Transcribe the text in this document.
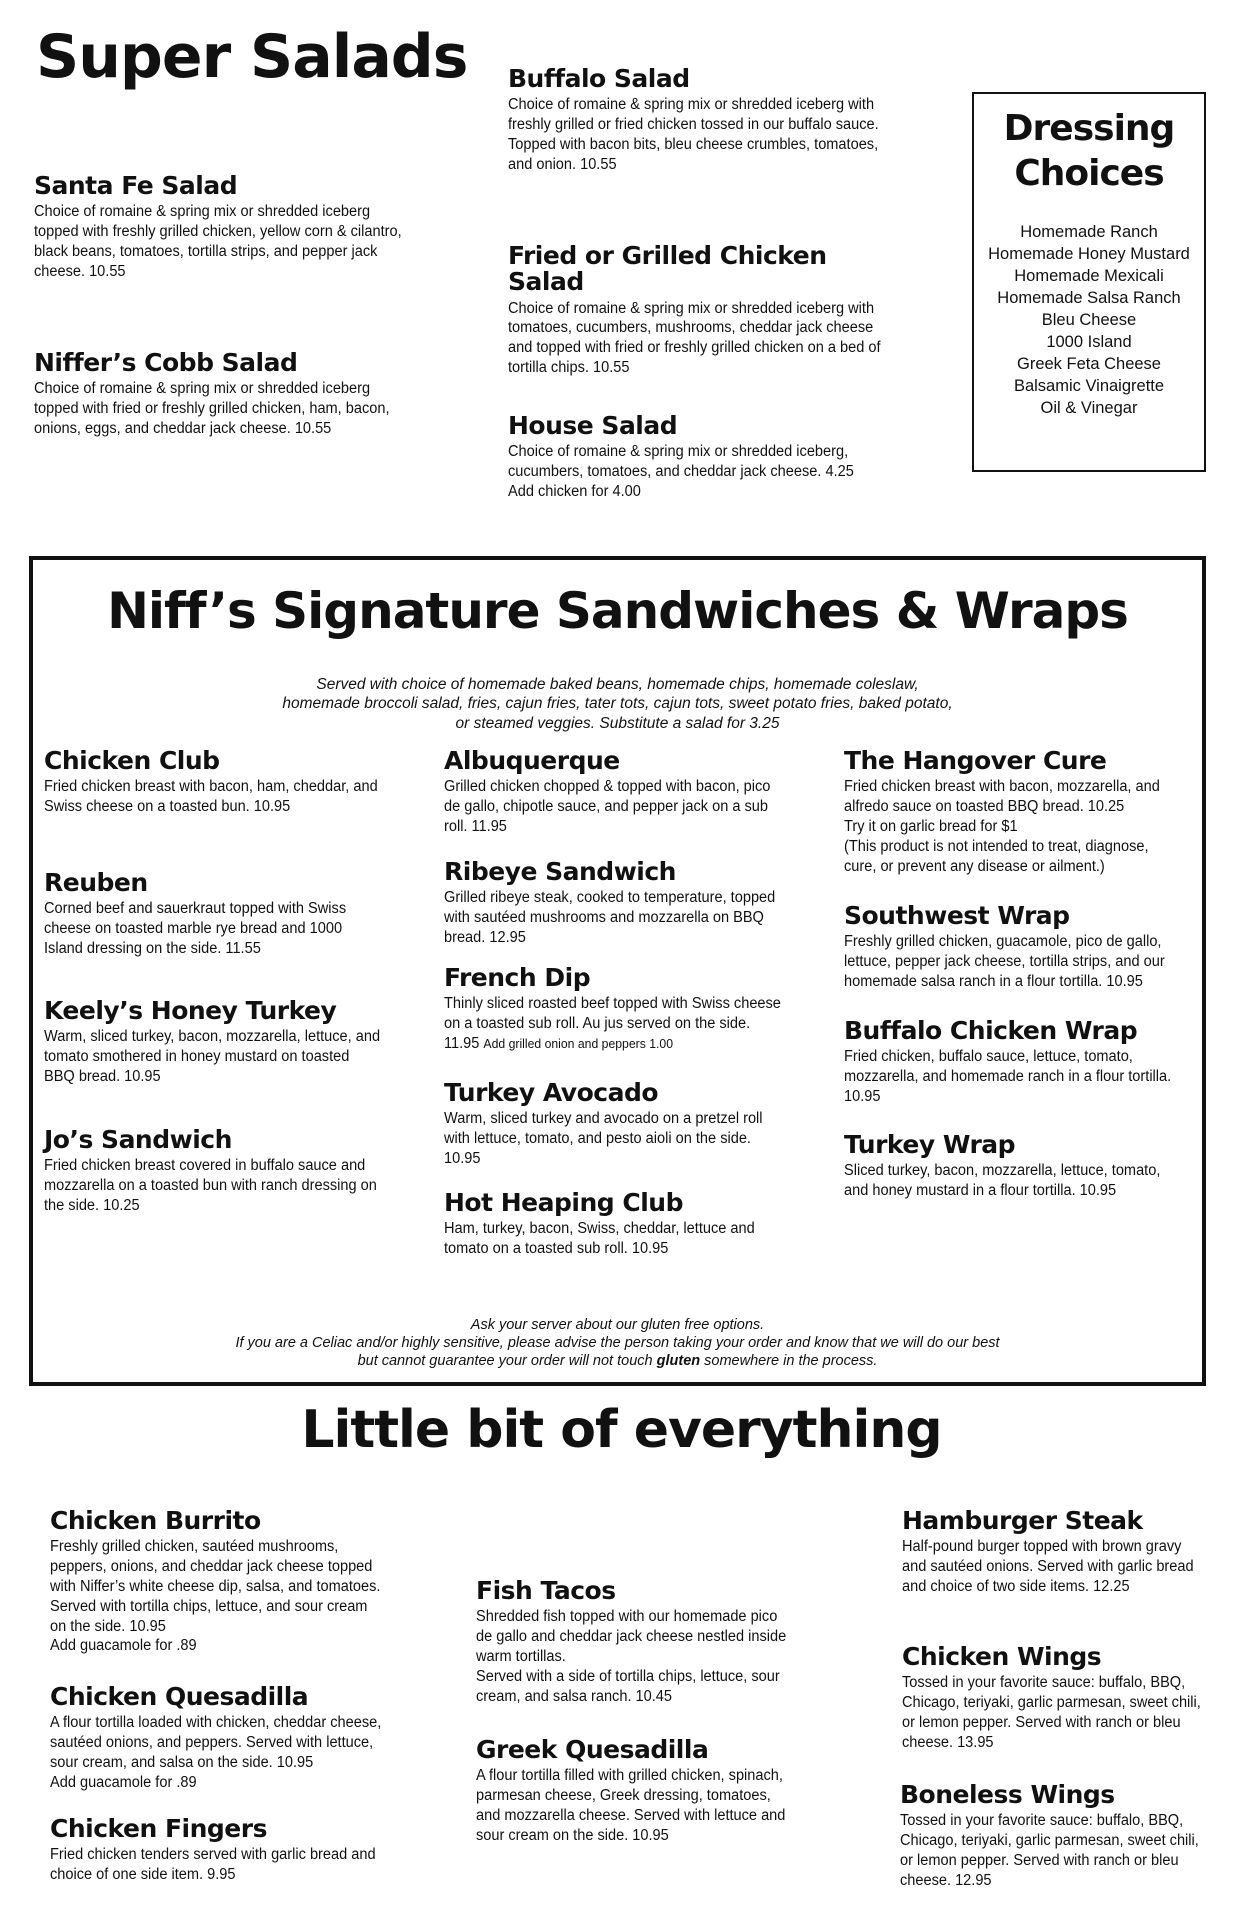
Super Salads
Santa Fe Salad

Choice of romaine & spring mix or shredded iceberg topped with freshly grilled chicken, yellow corn & cilantro, black beans, tomatoes, tortilla strips, and pepper jack cheese. 10.55

Niffer’s Cobb Salad

Choice of romaine & spring mix or shredded iceberg topped with fried or freshly grilled chicken, ham, bacon, onions, eggs, and cheddar jack cheese. 10.55

Buffalo Salad

Choice of romaine & spring mix or shredded iceberg with freshly grilled or fried chicken tossed in our buffalo sauce. Topped with bacon bits, bleu cheese crumbles, tomatoes, and onion. 10.55

Fried or Grilled Chicken Salad

Choice of romaine & spring mix or shredded iceberg with tomatoes, cucumbers, mushrooms, cheddar jack cheese and topped with fried or freshly grilled chicken on a bed of tortilla chips. 10.55

House Salad

Choice of romaine & spring mix or shredded iceberg, cucumbers, tomatoes, and cheddar jack cheese. 4.25

Add chicken for 4.00

Dressing
Choices
Homemade Ranch
Homemade Honey Mustard
Homemade Mexicali
Homemade Salsa Ranch
Bleu Cheese
1000 Island
Greek Feta Cheese
Balsamic Vinaigrette
Oil & Vinegar
Niff’s Signature Sandwiches & Wraps
Served with choice of homemade baked beans, homemade chips, homemade coleslaw,
homemade broccoli salad, fries, cajun fries, tater tots, cajun tots, sweet potato fries, baked potato,
or steamed veggies. Substitute a salad for 3.25
Chicken Club

Fried chicken breast with bacon, ham, cheddar, and Swiss cheese on a toasted bun. 10.95

Reuben

Corned beef and sauerkraut topped with Swiss cheese on toasted marble rye bread and 1000 Island dressing on the side. 11.55

Keely’s Honey Turkey

Warm, sliced turkey, bacon, mozzarella, lettuce, and tomato smothered in honey mustard on toasted BBQ bread. 10.95

Jo’s Sandwich

Fried chicken breast covered in buffalo sauce and mozzarella on a toasted bun with ranch dressing on the side. 10.25

Albuquerque

Grilled chicken chopped & topped with bacon, pico de gallo, chipotle sauce, and pepper jack on a sub roll. 11.95

Ribeye Sandwich

Grilled ribeye steak, cooked to temperature, topped with sautéed mushrooms and mozzarella on BBQ bread. 12.95

French Dip

Thinly sliced roasted beef topped with Swiss cheese on a toasted sub roll. Au jus served on the side. 11.95 Add grilled onion and peppers 1.00

Turkey Avocado

Warm, sliced turkey and avocado on a pretzel roll with lettuce, tomato, and pesto aioli on the side. 10.95

Hot Heaping Club

Ham, turkey, bacon, Swiss, cheddar, lettuce and tomato on a toasted sub roll. 10.95

The Hangover Cure

Fried chicken breast with bacon, mozzarella, and alfredo sauce on toasted BBQ bread. 10.25

Try it on garlic bread for $1

(This product is not intended to treat, diagnose, cure, or prevent any disease or ailment.)

Southwest Wrap

Freshly grilled chicken, guacamole, pico de gallo, lettuce, pepper jack cheese, tortilla strips, and our homemade salsa ranch in a flour tortilla. 10.95

Buffalo Chicken Wrap

Fried chicken, buffalo sauce, lettuce, tomato, mozzarella, and homemade ranch in a flour tortilla. 10.95

Turkey Wrap

Sliced turkey, bacon, mozzarella, lettuce, tomato, and honey mustard in a flour tortilla. 10.95

Ask your server about our gluten free options.
If you are a Celiac and/or highly sensitive, please advise the person taking your order and know that we will do our best
but cannot guarantee your order will not touch gluten somewhere in the process.
Little bit of everything
Chicken Burrito

Freshly grilled chicken, sautéed mushrooms, peppers, onions, and cheddar jack cheese topped with Niffer’s white cheese dip, salsa, and tomatoes. Served with tortilla chips, lettuce, and sour cream on the side. 10.95

Add guacamole for .89

Chicken Quesadilla

A flour tortilla loaded with chicken, cheddar cheese, sautéed onions, and peppers. Served with lettuce, sour cream, and salsa on the side. 10.95

Add guacamole for .89

Chicken Fingers

Fried chicken tenders served with garlic bread and choice of one side item. 9.95

Fish Tacos

Shredded fish topped with our homemade pico de gallo and cheddar jack cheese nestled inside warm tortillas.

Served with a side of tortilla chips, lettuce, sour cream, and salsa ranch. 10.45

Greek Quesadilla

A flour tortilla filled with grilled chicken, spinach, parmesan cheese, Greek dressing, tomatoes, and mozzarella cheese. Served with lettuce and sour cream on the side. 10.95

Hamburger Steak

Half-pound burger topped with brown gravy and sautéed onions. Served with garlic bread and choice of two side items. 12.25

Chicken Wings

Tossed in your favorite sauce: buffalo, BBQ, Chicago, teriyaki, garlic parmesan, sweet chili, or lemon pepper. Served with ranch or bleu cheese. 13.95

Boneless Wings

Tossed in your favorite sauce: buffalo, BBQ, Chicago, teriyaki, garlic parmesan, sweet chili, or lemon pepper. Served with ranch or bleu cheese. 12.95
